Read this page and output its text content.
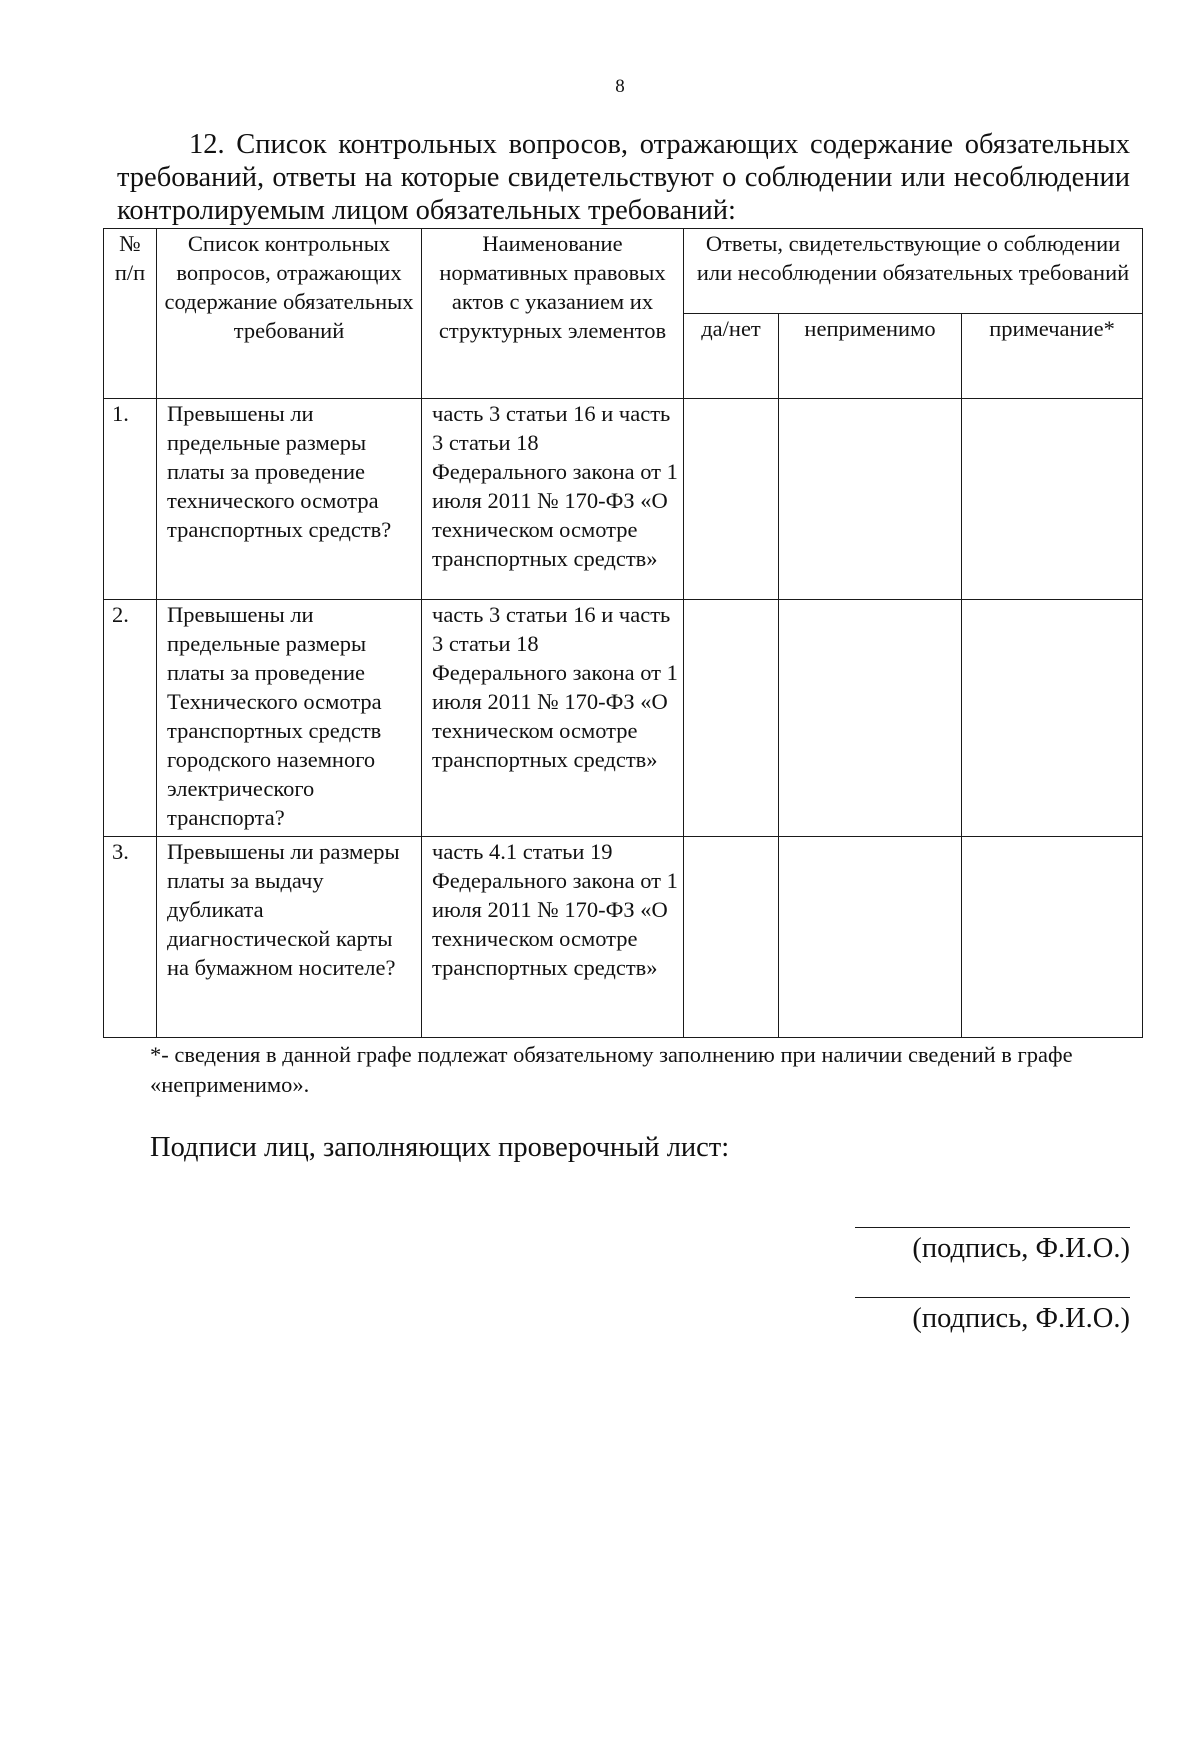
8
12. Список контрольных вопросов, отражающих содержание обязательных требований, ответы на которые свидетельствуют о соблюдении или несоблюдении контролируемым лицом обязательных требований:
№ п/п	Список контрольных вопросов, отражающих содержание обязательных требований	Наименование нормативных правовых актов с указанием их структурных элементов	Ответы, свидетельствующие о соблюдении или несоблюдении обязательных требований		
			да/нет	неприменимо	примечание*
1.	Превышены ли предельные размеры платы за проведение технического осмотра транспортных средств?	часть 3 статьи 16 и часть 3 статьи 18 Федерального закона от 1 июля 2011 № 170-ФЗ «О техническом осмотре транспортных средств»			
2.	Превышены ли предельные размеры платы за проведение Технического осмотра транспортных средств городского наземного электрического транспорта?	часть 3 статьи 16 и часть 3 статьи 18 Федерального закона от 1 июля 2011 № 170-ФЗ «О техническом осмотре транспортных средств»			
3.	Превышены ли размеры платы за выдачу дубликата диагностической карты на бумажном носителе?	часть 4.1 статьи 19 Федерального закона от 1 июля 2011 № 170-ФЗ «О техническом осмотре транспортных средств»			
*- сведения в данной графе подлежат обязательному заполнению при наличии сведений в графе «неприменимо».
Подписи лиц, заполняющих проверочный лист:
(подпись, Ф.И.О.)
(подпись, Ф.И.О.)
